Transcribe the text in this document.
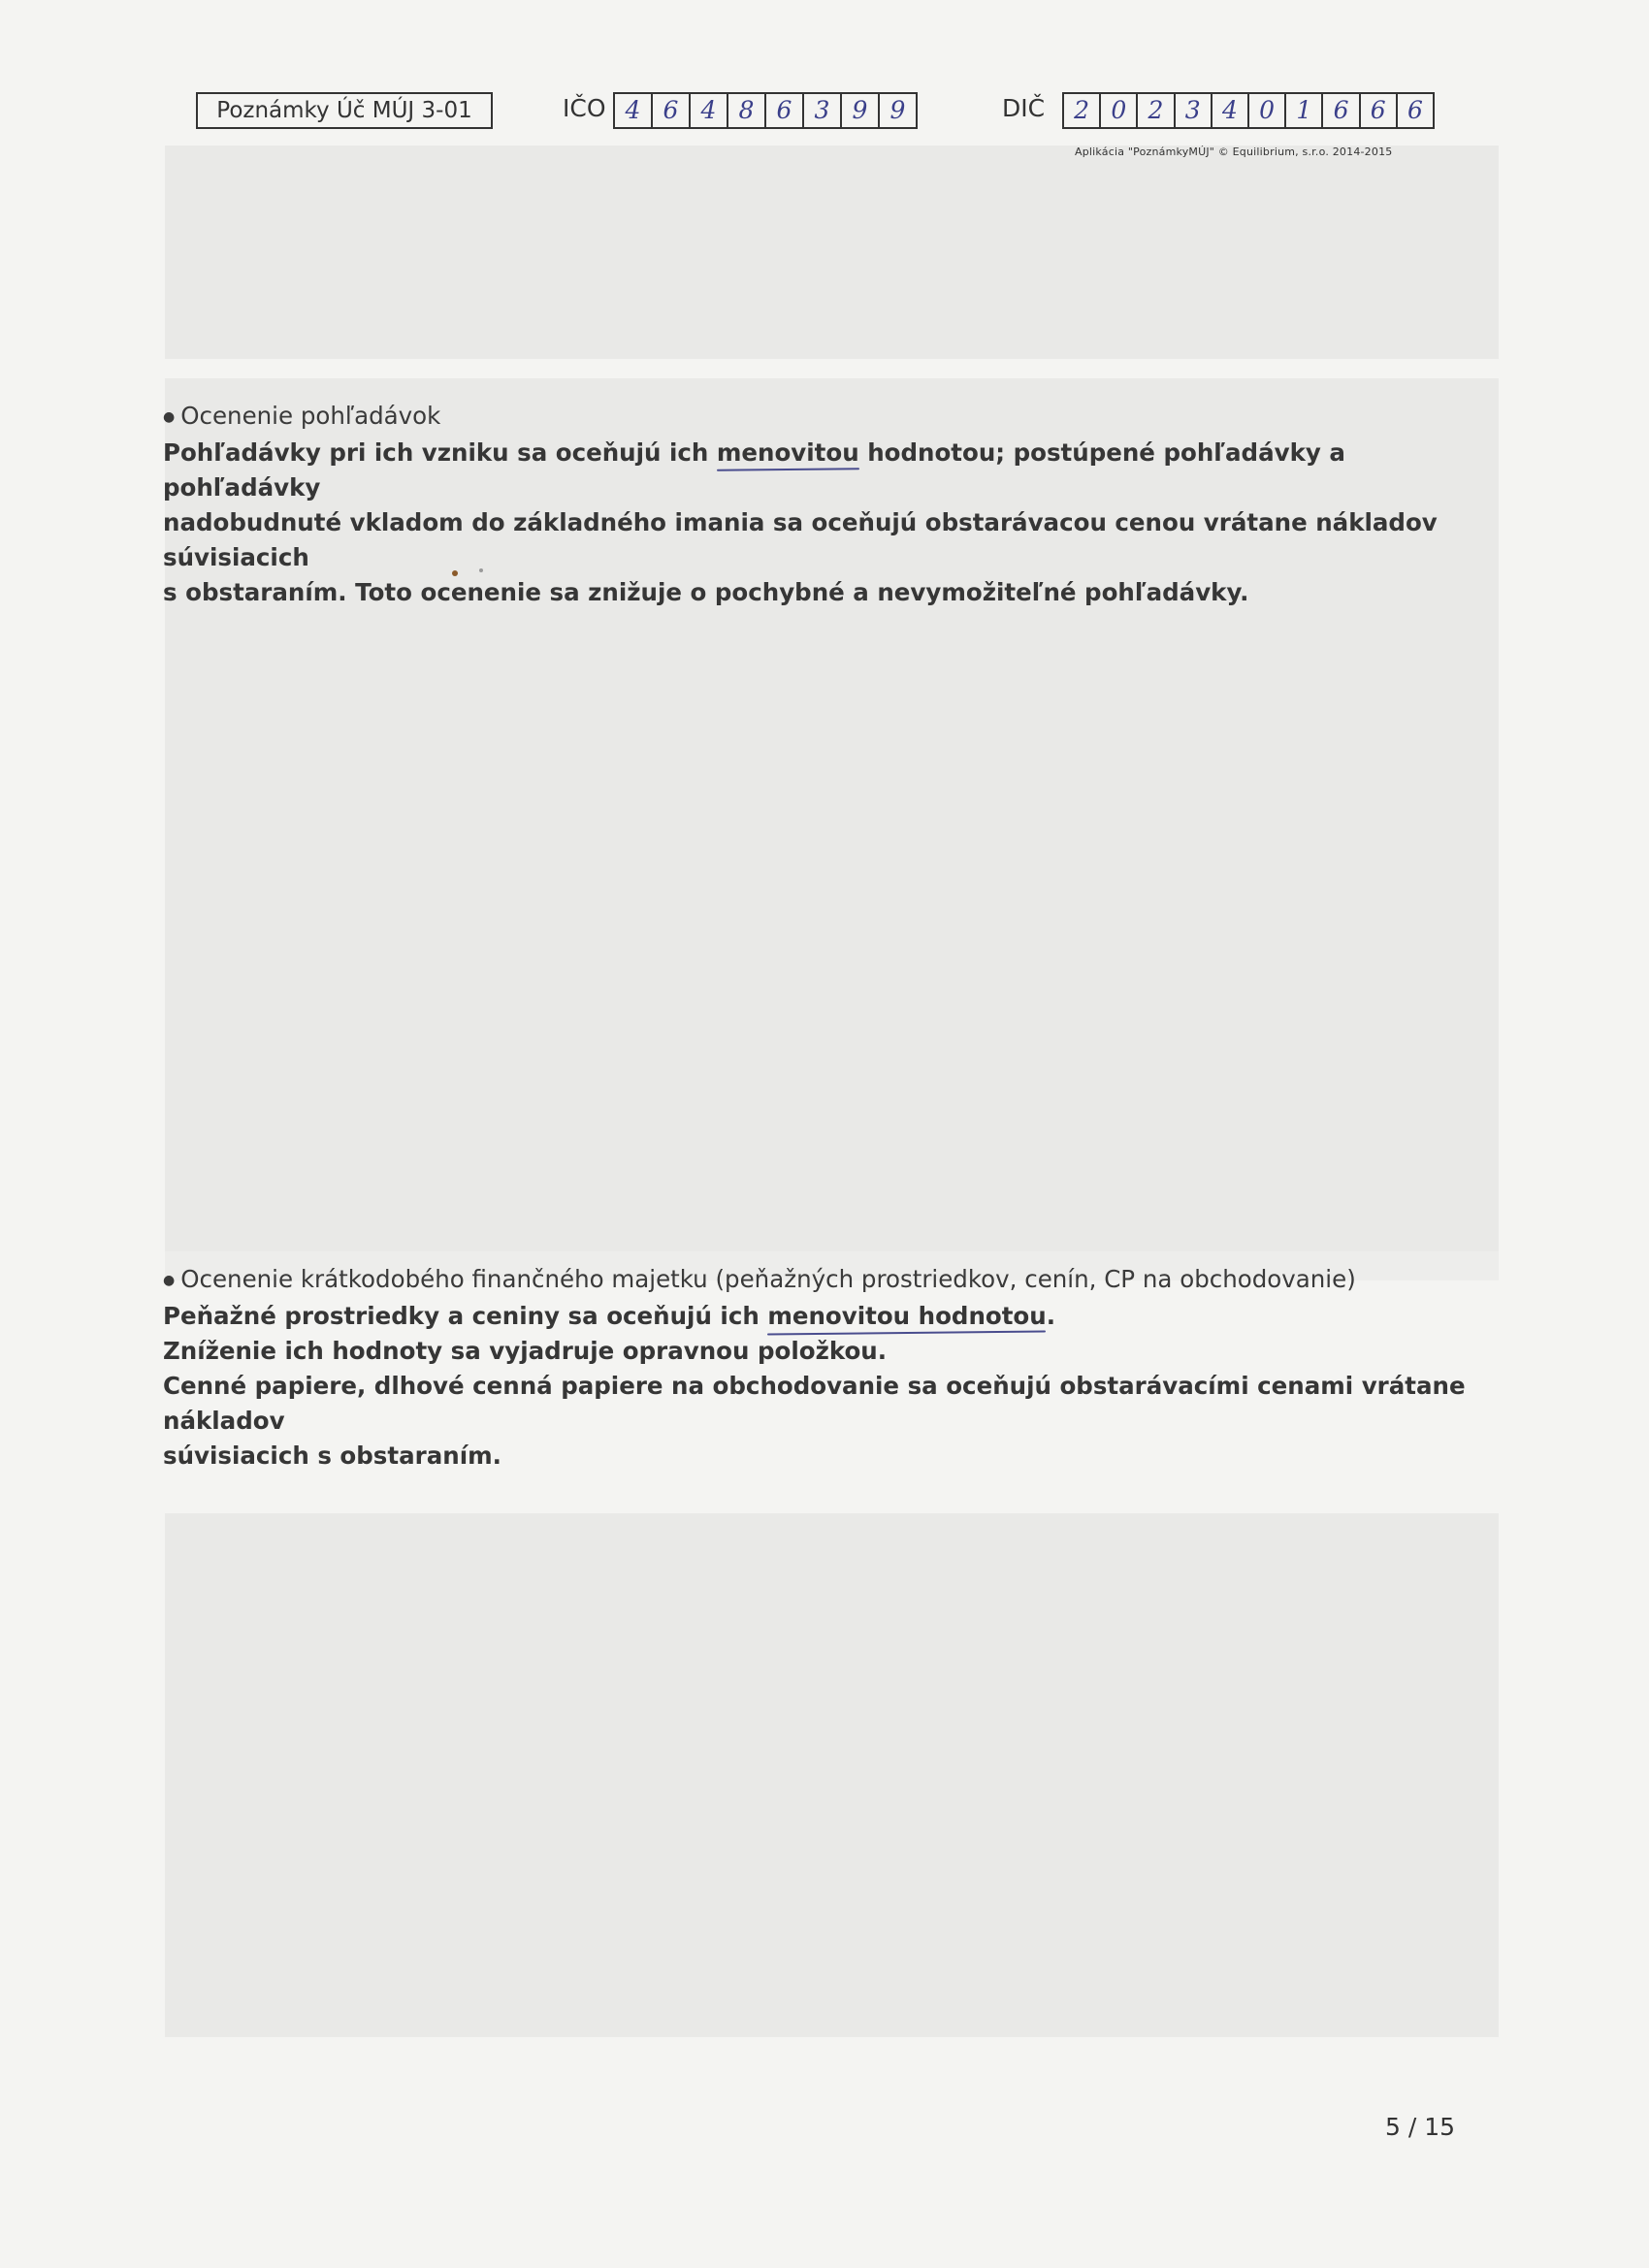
Poznámky Úč MÚJ 3-01	IČO 4 6 4 8 6 3 9 9	DIČ	2 0 2 3 4 0 1 6 6 6
Aplikácia "PoznámkyMÚJ" © Equilibrium, s.r.o. 2014-2015
● Ocenenie pohľadávok

Pohľadávky pri ich vzniku sa oceňujú ich menovitou hodnotou; postúpené pohľadávky a pohľadávky

nadobudnuté vkladom do základného imania sa oceňujú obstarávacou cenou vrátane nákladov súvisiacich

s obstaraním. Toto ocenenie sa znižuje o pochybné a nevymožiteľné pohľadávky.

● Ocenenie krátkodobého finančného majetku (peňažných prostriedkov, cenín, CP na obchodovanie)

Peňažné prostriedky a ceniny sa oceňujú ich menovitou hodnotou.

Zníženie ich hodnoty sa vyjadruje opravnou položkou.

Cenné papiere, dlhové cenná papiere na obchodovanie sa oceňujú obstarávacími cenami vrátane nákladov

súvisiacich s obstaraním.

5 / 15
